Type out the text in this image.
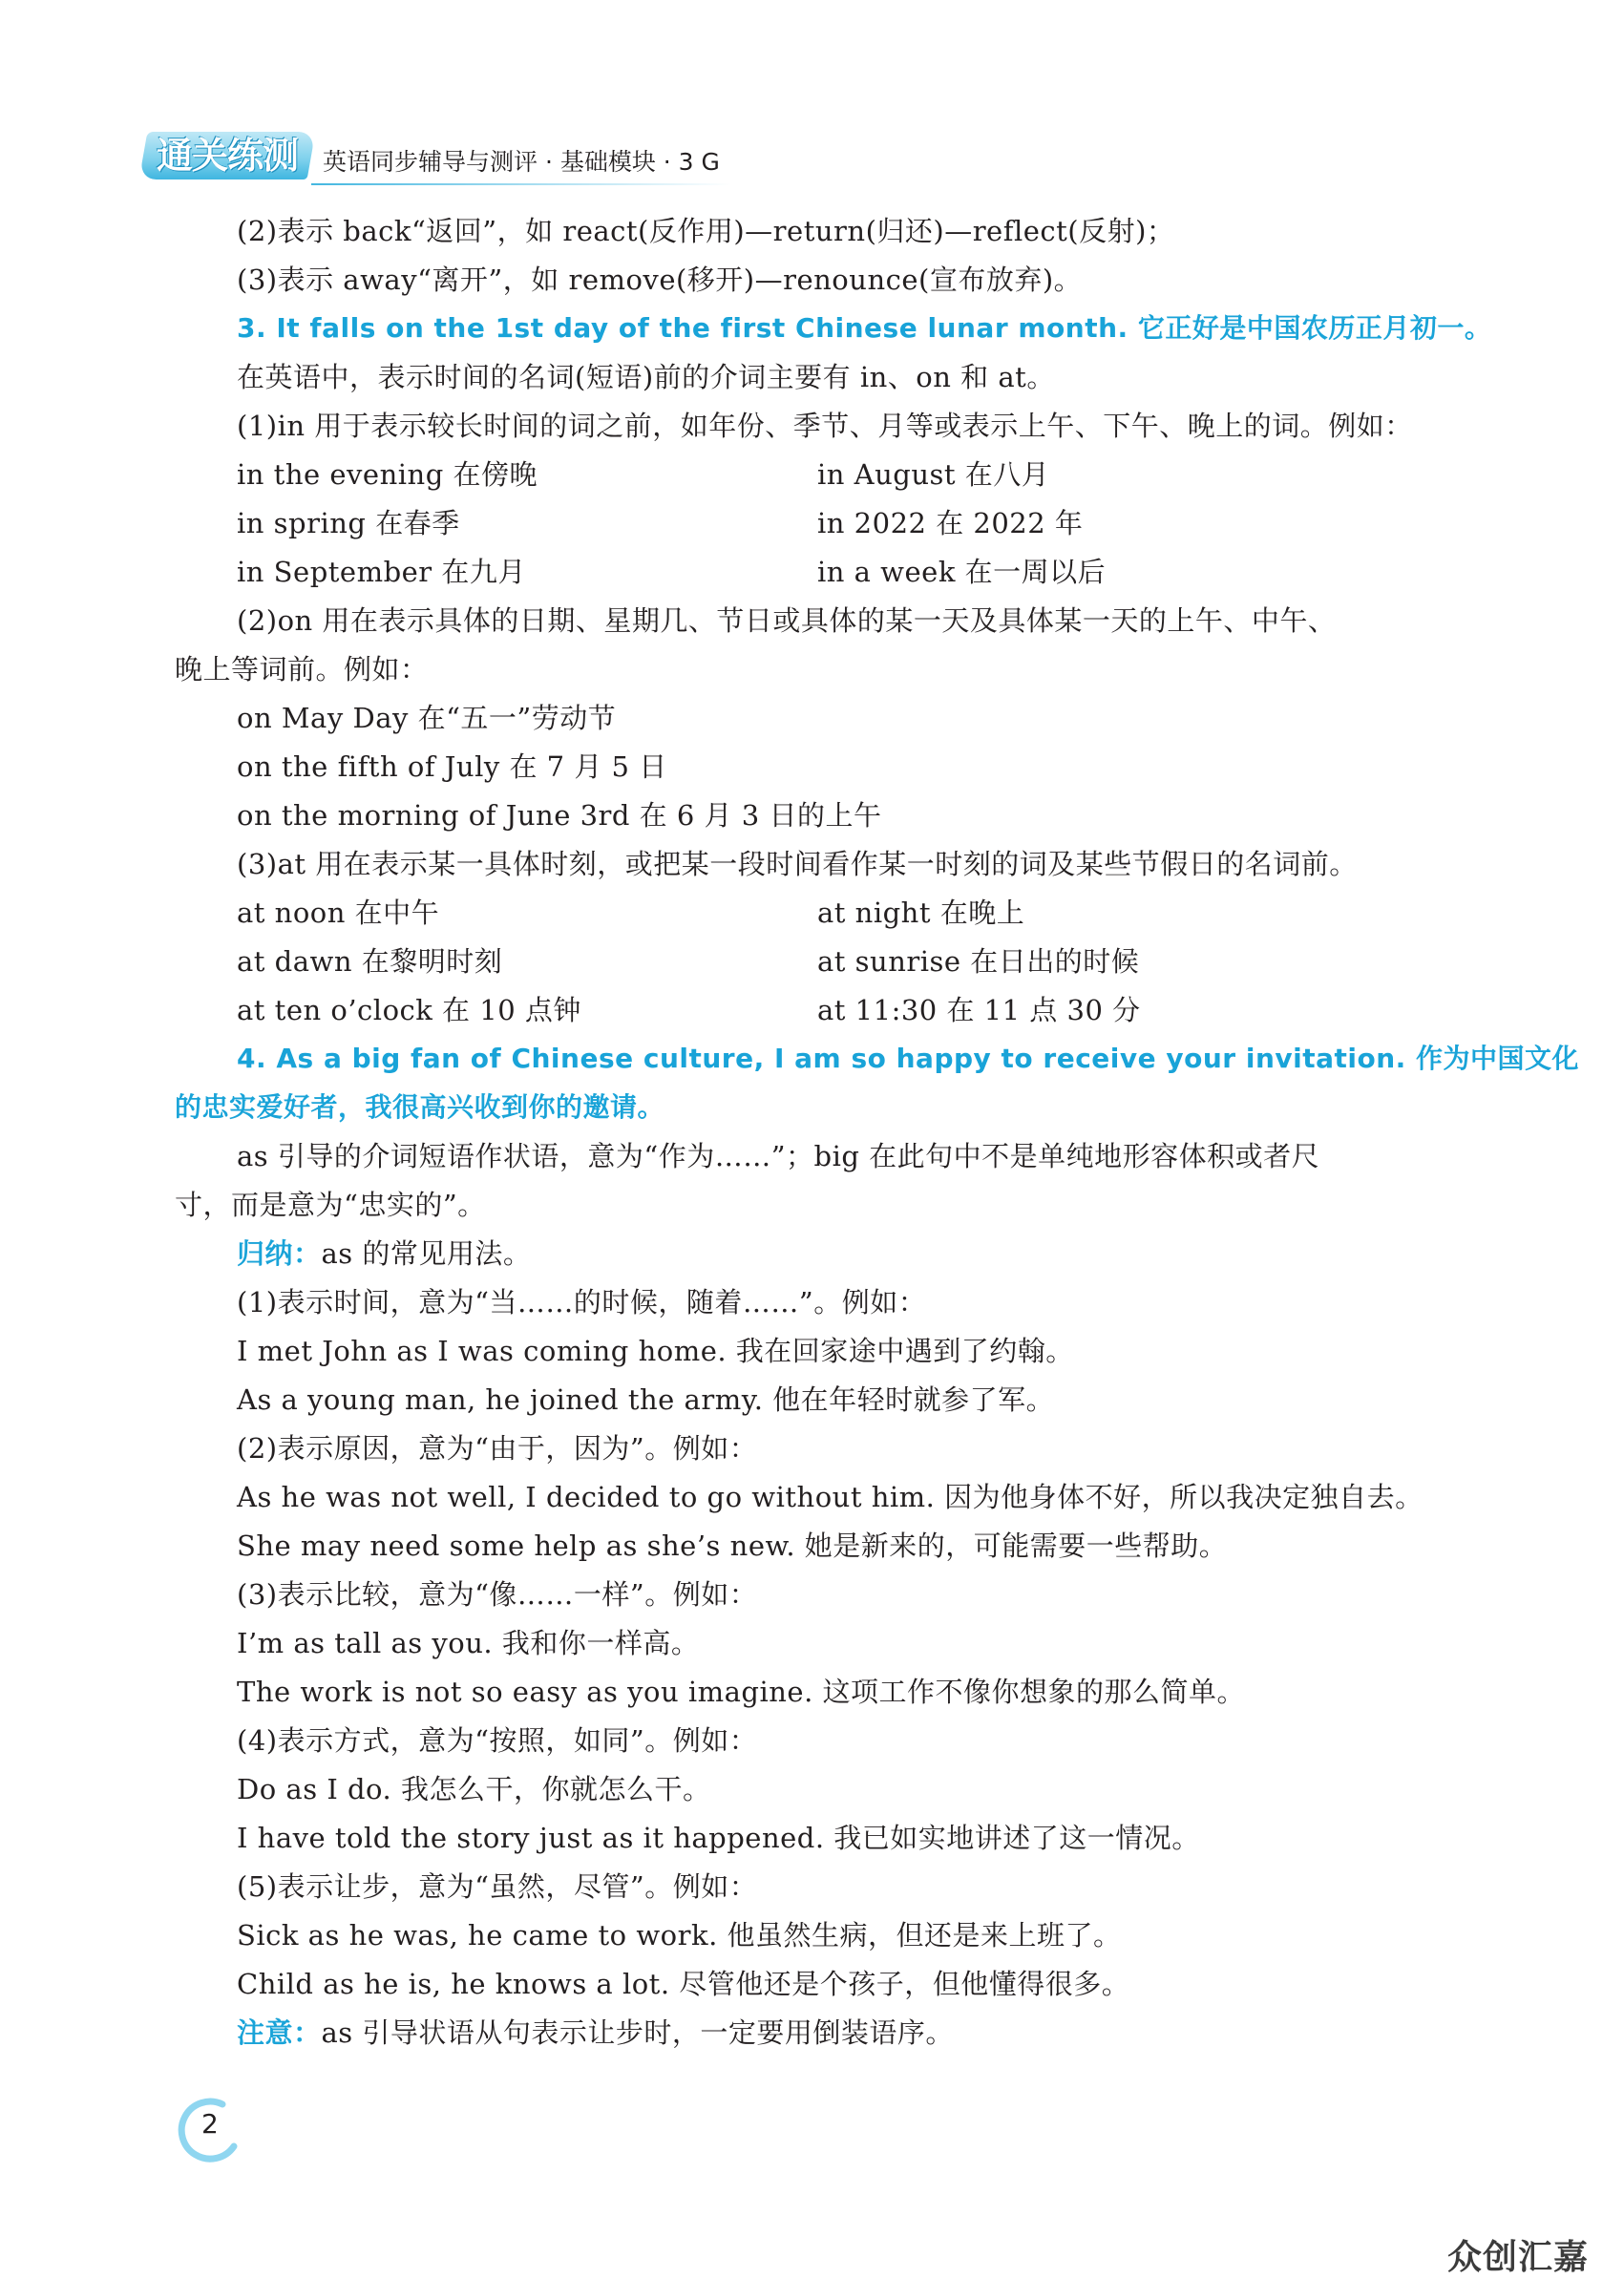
通关练测	英语同步辅导与测评 · 基础模块 · 3 G
(2)表示 back“返回”，如 react(反作用)—return(归还)—reflect(反射)；
(3)表示 away“离开”，如 remove(移开)—renounce(宣布放弃)。
3. It falls on the 1st day of the first Chinese lunar month. 它正好是中国农历正月初一。
在英语中，表示时间的名词(短语)前的介词主要有 in、on 和 at。
(1)in 用于表示较长时间的词之前，如年份、季节、月等或表示上午、下午、晚上的词。例如：
in the evening 在傍晚	in August 在八月
in spring 在春季	in 2022 在 2022 年
in September 在九月	in a week 在一周以后
(2)on 用在表示具体的日期、星期几、节日或具体的某一天及具体某一天的上午、中午、
晚上等词前。例如：
on May Day 在“五一”劳动节
on the fifth of July 在 7 月 5 日
on the morning of June 3rd 在 6 月 3 日的上午
(3)at 用在表示某一具体时刻，或把某一段时间看作某一时刻的词及某些节假日的名词前。
at noon 在中午	at night 在晚上
at dawn 在黎明时刻	at sunrise 在日出的时候
at ten o’clock 在 10 点钟	at 11:30 在 11 点 30 分
4. As a big fan of Chinese culture, I am so happy to receive your invitation. 作为中国文化
的忠实爱好者，我很高兴收到你的邀请。
as 引导的介词短语作状语，意为“作为……”；big 在此句中不是单纯地形容体积或者尺
寸，而是意为“忠实的”。
归纳：as 的常见用法。
(1)表示时间，意为“当……的时候，随着……”。例如：
I met John as I was coming home. 我在回家途中遇到了约翰。
As a young man, he joined the army. 他在年轻时就参了军。
(2)表示原因，意为“由于，因为”。例如：
As he was not well, I decided to go without him. 因为他身体不好，所以我决定独自去。
She may need some help as she’s new. 她是新来的，可能需要一些帮助。
(3)表示比较，意为“像……一样”。例如：
I’m as tall as you. 我和你一样高。
The work is not so easy as you imagine. 这项工作不像你想象的那么简单。
(4)表示方式，意为“按照，如同”。例如：
Do as I do. 我怎么干，你就怎么干。
I have told the story just as it happened. 我已如实地讲述了这一情况。
(5)表示让步，意为“虽然，尽管”。例如：
Sick as he was, he came to work. 他虽然生病，但还是来上班了。
Child as he is, he knows a lot. 尽管他还是个孩子，但他懂得很多。
注意：as 引导状语从句表示让步时，一定要用倒装语序。
2
众创汇嘉
